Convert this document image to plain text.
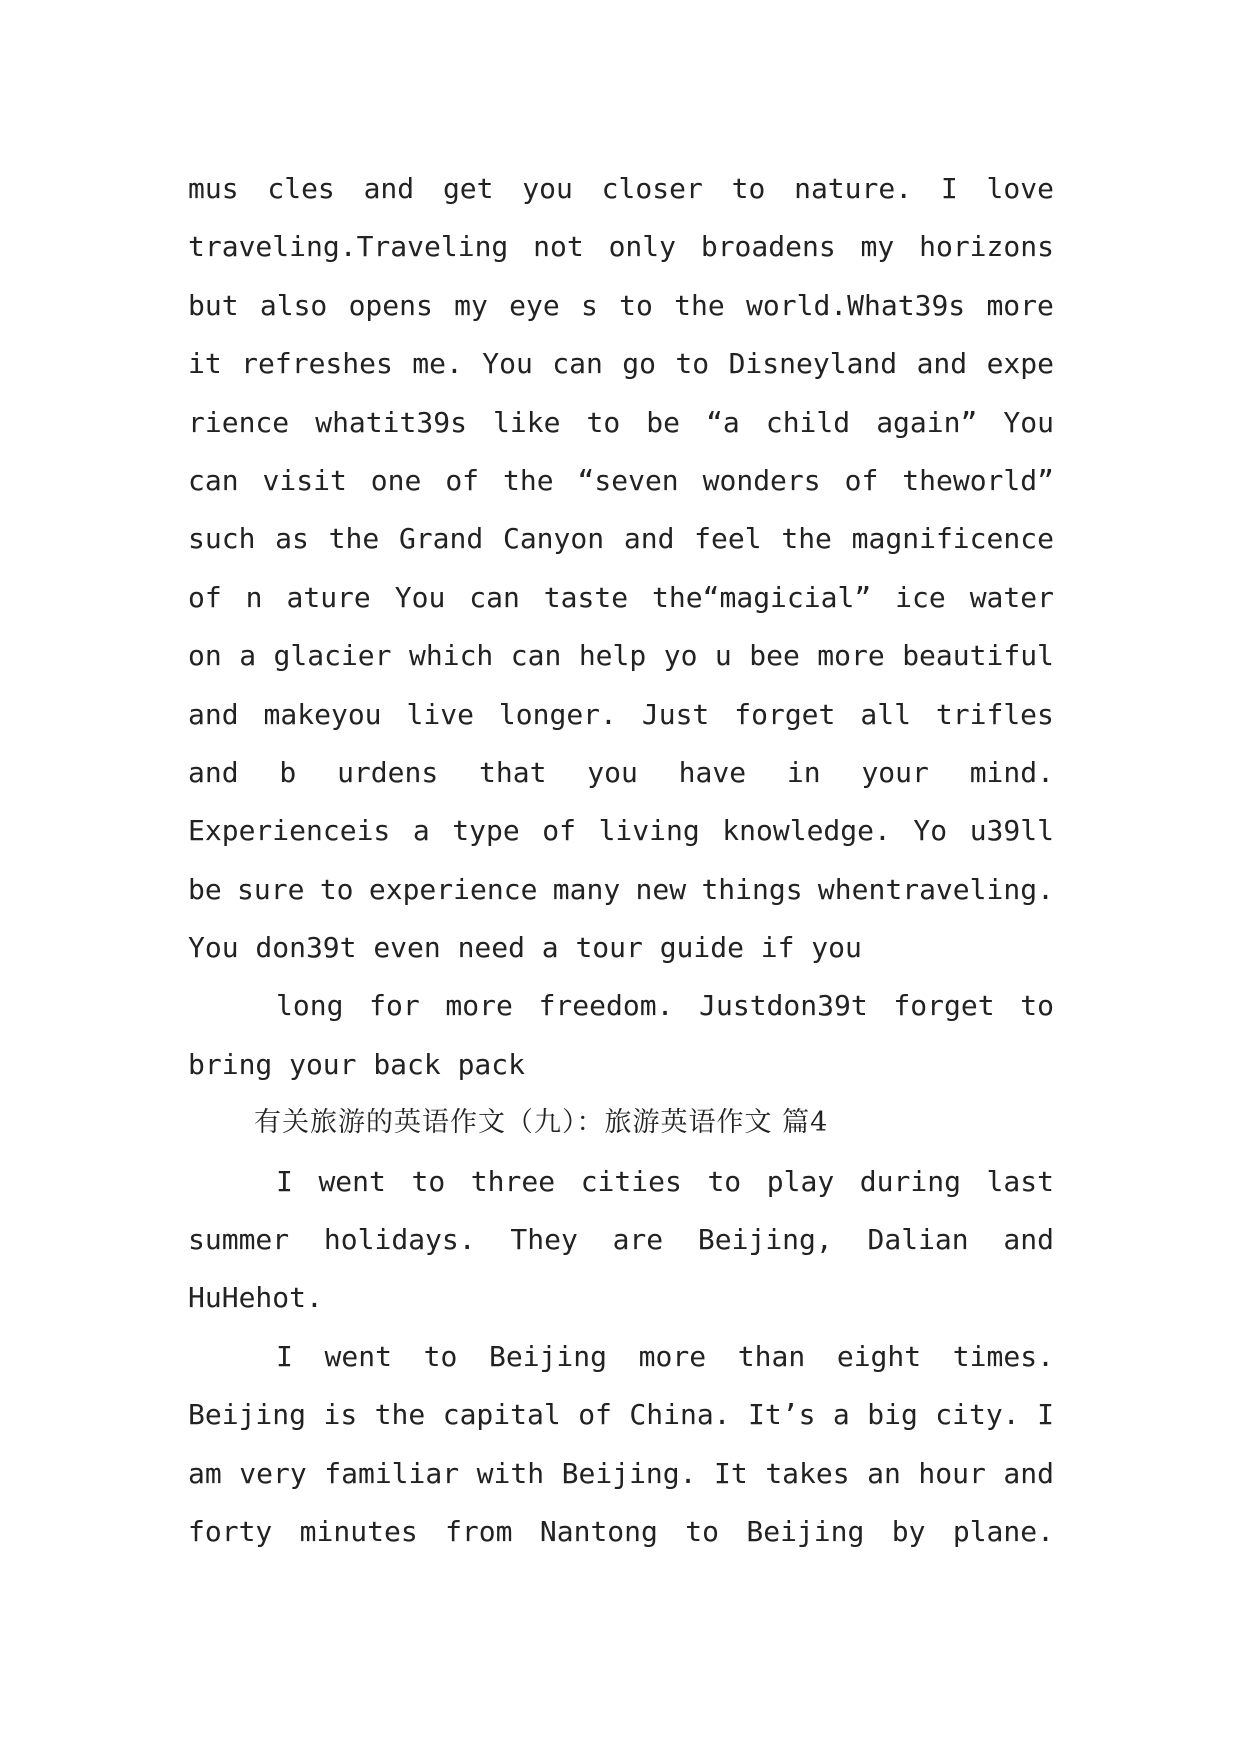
mus cles and get you closer to nature. I love
traveling.Traveling not only broadens my horizons
but also opens my eye s to the world.What39s more
it refreshes me. You can go to Disneyland and expe
rience whatit39s like to be “a child again” You
can visit one of the “seven wonders of theworld”
such as the Grand Canyon and feel the magnificence
of n ature You can taste the“magicial” ice water
on a glacier which can help yo u bee more beautiful
and makeyou live longer. Just forget all trifles
and b urdens that you have in your mind.
Experienceis a type of living knowledge. Yo u39ll
be sure to experience many new things whentraveling.
You don39t even need a tour guide if you
long for more freedom. Justdon39t forget to
bring your back pack
有关旅游的英语作文（九）：旅游英语作文 篇4
I went to three cities to play during last
summer holidays. They are Beijing, Dalian and
HuHehot.
I went to Beijing more than eight times.
Beijing is the capital of China. It’s a big city. I
am very familiar with Beijing. It takes an hour and
forty minutes from Nantong to Beijing by plane.
